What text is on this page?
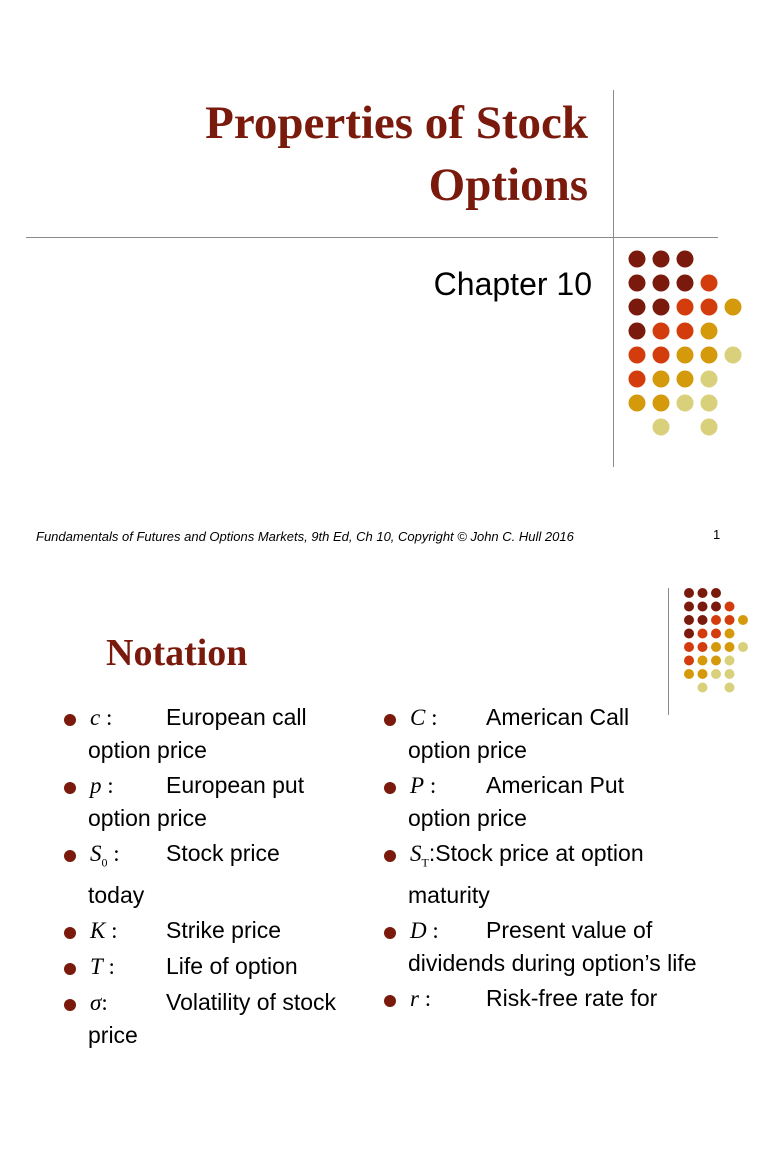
Properties of Stock
Options
Chapter 10
Fundamentals of Futures and Options Markets, 9th Ed, Ch 10, Copyright © John C. Hull 2016	1
Notation
c : European call
option price
p : European put
option price
$S_0$ : Stock price
today
K : Strike price
T : Life of option
σ:	Volatility of stock
price
C : American Call
option price
P : American Put
option price
$S_T:Stock$ price at option
maturity
D : Present value of
dividends during option’s life
r : Risk-free rate for
